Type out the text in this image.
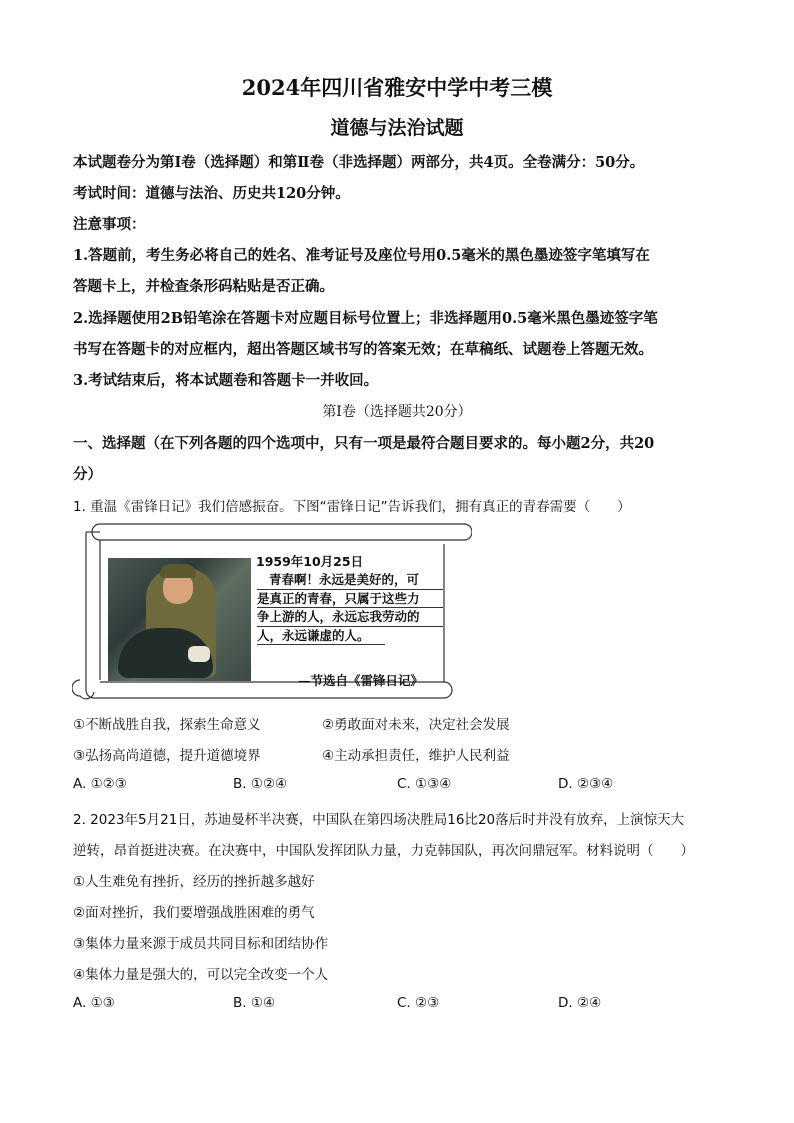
2024年四川省雅安中学中考三模
道德与法治试题
本试题卷分为第Ⅰ卷（选择题）和第Ⅱ卷（非选择题）两部分，共4页。全卷满分：50分。
考试时间：道德与法治、历史共120分钟。
注意事项：
1.答题前，考生务必将自己的姓名、准考证号及座位号用0.5毫米的黑色墨迹签字笔填写在
答题卡上，并检查条形码粘贴是否正确。
2.选择题使用2B铅笔涂在答题卡对应题目标号位置上；非选择题用0.5毫米黑色墨迹签字笔
书写在答题卡的对应框内，超出答题区域书写的答案无效；在草稿纸、试题卷上答题无效。
3.考试结束后，将本试题卷和答题卡一并收回。
第Ⅰ卷（选择题共20分）
一、选择题（在下列各题的四个选项中，只有一项是最符合题目要求的。每小题2分，共20
分）
1. 重温《雷锋日记》我们倍感振奋。下图“雷锋日记”告诉我们，拥有真正的青春需要（　　）
1959年10月25日
青春啊！永远是美好的，可
是真正的青春，只属于这些力
争上游的人，永远忘我劳动的
人，永远谦虚的人。
—节选自《雷锋日记》
①不断战胜自我，探索生命意义	②勇敢面对未来，决定社会发展
③弘扬高尚道德，提升道德境界	④主动承担责任，维护人民利益
A. ①②③	B. ①②④	C. ①③④	D. ②③④
2. 2023年5月21日，苏迪曼杯半决赛，中国队在第四场决胜局16比20落后时并没有放弃，上演惊天大
逆转，昂首挺进决赛。在决赛中，中国队发挥团队力量，力克韩国队，再次问鼎冠军。材料说明（　　）
①人生难免有挫折，经历的挫折越多越好
②面对挫折，我们要增强战胜困难的勇气
③集体力量来源于成员共同目标和团结协作
④集体力量是强大的，可以完全改变一个人
A. ①③	B. ①④	C. ②③	D. ②④
